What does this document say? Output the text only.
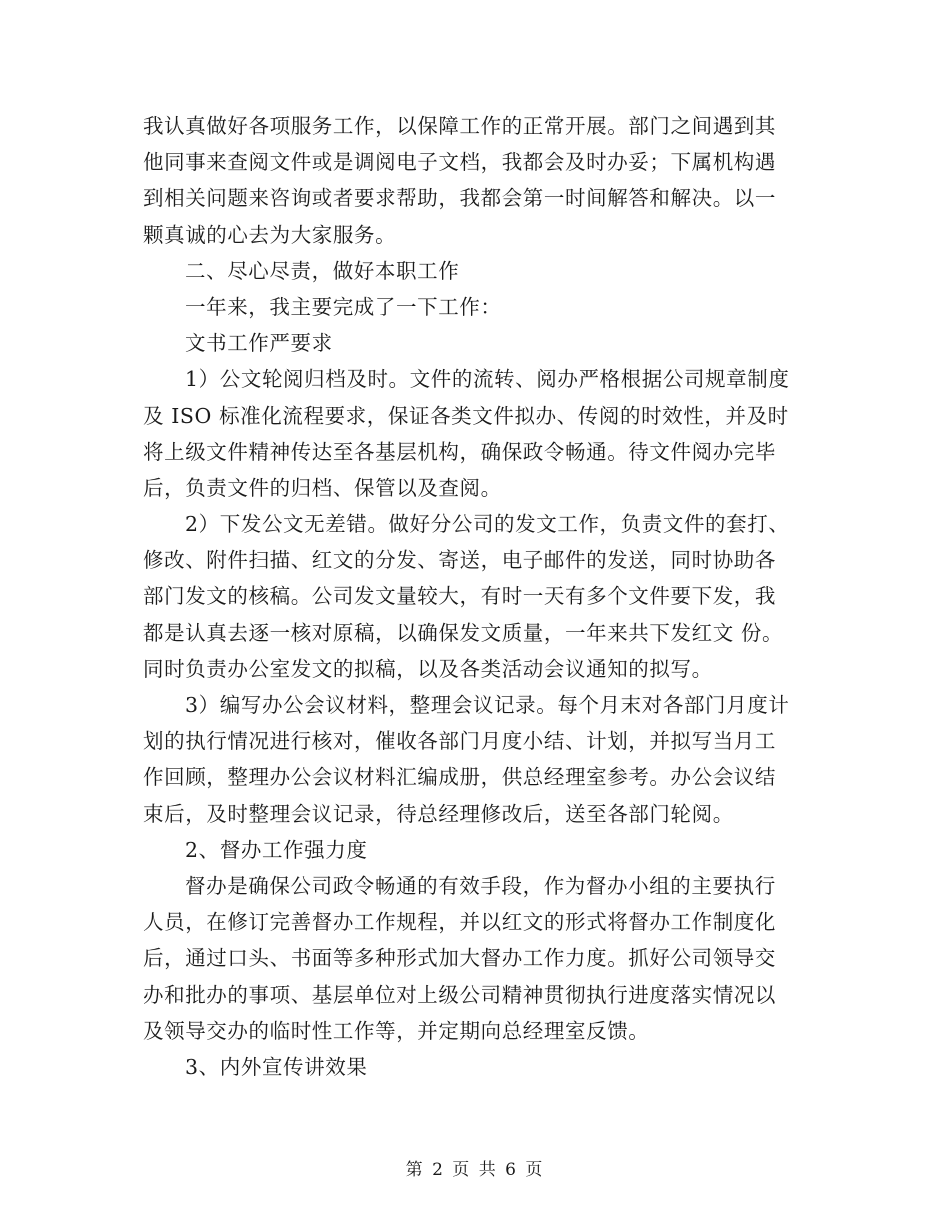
我认真做好各项服务工作，以保障工作的正常开展。部门之间遇到其
他同事来查阅文件或是调阅电子文档，我都会及时办妥；下属机构遇
到相关问题来咨询或者要求帮助，我都会第一时间解答和解决。以一
颗真诚的心去为大家服务。
二、尽心尽责，做好本职工作
一年来，我主要完成了一下工作：
文书工作严要求
1）公文轮阅归档及时。文件的流转、阅办严格根据公司规章制度
及 ISO 标准化流程要求，保证各类文件拟办、传阅的时效性，并及时
将上级文件精神传达至各基层机构，确保政令畅通。待文件阅办完毕
后，负责文件的归档、保管以及查阅。
2）下发公文无差错。做好分公司的发文工作，负责文件的套打、
修改、附件扫描、红文的分发、寄送，电子邮件的发送，同时协助各
部门发文的核稿。公司发文量较大，有时一天有多个文件要下发，我
都是认真去逐一核对原稿，以确保发文质量，一年来共下发红文 份。
同时负责办公室发文的拟稿，以及各类活动会议通知的拟写。
3）编写办公会议材料，整理会议记录。每个月末对各部门月度计
划的执行情况进行核对，催收各部门月度小结、计划，并拟写当月工
作回顾，整理办公会议材料汇编成册，供总经理室参考。办公会议结
束后，及时整理会议记录，待总经理修改后，送至各部门轮阅。
2、督办工作强力度
督办是确保公司政令畅通的有效手段，作为督办小组的主要执行
人员，在修订完善督办工作规程，并以红文的形式将督办工作制度化
后，通过口头、书面等多种形式加大督办工作力度。抓好公司领导交
办和批办的事项、基层单位对上级公司精神贯彻执行进度落实情况以
及领导交办的临时性工作等，并定期向总经理室反馈。
3、内外宣传讲效果
第 2 页 共 6 页
